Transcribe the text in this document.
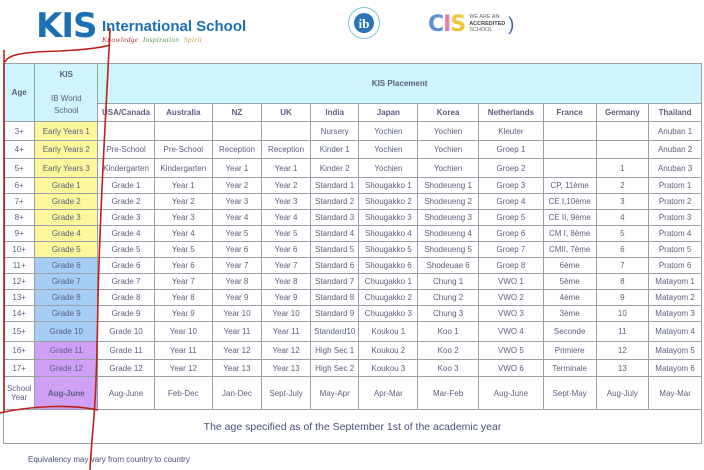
KIS International School
Knowledge Inspiration Spirit
ib	CIS WE ARE AN
ACCREDITED
SCHOOL )
Age	KIS

IB World
School	KIS Placement										
		USA/Canada	Australia	NZ	UK	India	Japan	Korea	Netherlands	France	Germany	Thailand
3+	Early Years 1					Nursery	Yochien	Yochien	Kleuter			Anuban 1
4+	Early Years 2	Pre-School	Pre-School	Reception	Reception	Kinder 1	Yochien	Yochien	Groep 1			Anuban 2
5+	Early Years 3	Kindergarten	Kindergarten	Year 1	Year 1	Kinder 2	Yochien	Yochien	Groep 2		1	Anuban 3
6+	Grade 1	Grade 1	Year 1	Year 2	Year 2	Standard 1	Shougakko 1	Shodeueng 1	Groep 3	CP, 11ème	2	Pratom 1
7+	Grade 2	Grade 2	Year 2	Year 3	Year 3	Standard 2	Shougakko 2	Shodeueng 2	Groep 4	CE I,10ème	3	Pratom 2
8+	Grade 3	Grade 3	Year 3	Year 4	Year 4	Standard 3	Shougakko 3	Shodeueng 3	Groep 5	CE II, 9ème	4	Pratom 3
9+	Grade 4	Grade 4	Year 4	Year 5	Year 5	Standard 4	Shougakko 4	Shodeueng 4	Groep 6	CM I, 8ème	5	Pratom 4
10+	Grade 5	Grade 5	Year 5	Year 6	Year 6	Standard 5	Shougakko 5	Shodeueng 5	Groep 7	CMII, 7ème	6	Pratom 5
11+	Grade 6	Grade 6	Year 6	Year 7	Year 7	Standard 6	Shougakko 6	Shodeuae 6	Groep 8	6ème	7	Pratom 6
12+	Grade 7	Grade 7	Year 7	Year 8	Year 8	Standard 7	Chuugakko 1	Chung 1	VWO 1	5ème	8	Matayom 1
13+	Grade 8	Grade 8	Year 8	Year 9	Year 9	Standard 8	Chuugakko 2	Chung 2	VWO 2	4ème	9	Matayom 2
14+	Grade 9	Grade 9	Year 9	Year 10	Year 10	Standard 9	Chuugakko 3	Chung 3	VWO 3	3ème	10	Matayom 3
15+	Grade 10	Grade 10	Year 10	Year 11	Year 11	Standard10	Koukou 1	Koo 1	VWO 4	Seconde	11	Matayom 4
16+	Grade 11	Grade 11	Year 11	Year 12	Year 12	High Sec 1	Koukou 2	Koo 2	VWO 5	Primiere	12	Matayom 5
17+	Grade 12	Grade 12	Year 12	Year 13	Year 13	High Sec 2	Koukou 3	Koo 3	VWO 6	Terminale	13	Matayom 6
School
Year	Aug-June	Aug-June	Feb-Dec	Jan-Dec	Sept-July	May-Apr	Apr-Mar	Mar-Feb	Aug-June	Sept-May	Aug-July	May-Mar
The age specified as of the September 1st of the academic year												
Equivalency may vary from country to country
